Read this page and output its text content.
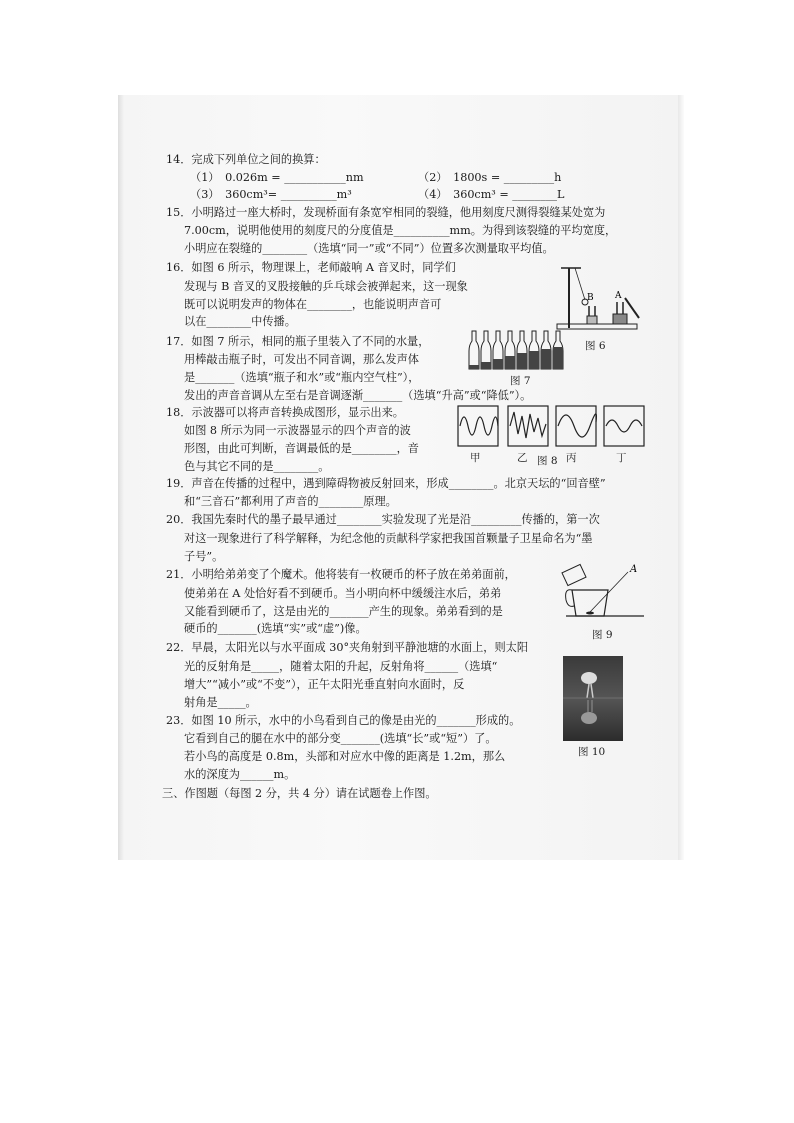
14．完成下列单位之间的换算：
（1）　0.026m = ___________nm	（2）　1800s = _________h
（3）　360cm³= __________m³	（4）　360cm³ = ________L
15．小明路过一座大桥时，发现桥面有条宽窄相同的裂缝，他用刻度尺测得裂缝某处宽为
7.00cm，说明他使用的刻度尺的分度值是__________mm。为得到该裂缝的平均宽度，
小明应在裂缝的________（选填“同一”或“不同”）位置多次测量取平均值。
16．如图 6 所示，物理课上，老师敲响 A 音叉时，同学们
发现与 B 音叉的叉股接触的乒乓球会被弹起来，这一现象
既可以说明发声的物体在________，也能说明声音可
以在________中传播。
B A
图 6
17．如图 7 所示，相同的瓶子里装入了不同的水量，
用棒敲击瓶子时，可发出不同音调，那么发声体
是_______（选填“瓶子和水”或“瓶内空气柱”），
发出的声音音调从左至右是音调逐渐_______（选填“升高”或“降低”）。
图 7
18．示波器可以将声音转换成图形，显示出来。
如图 8 所示为同一示波器显示的四个声音的波
形图，由此可判断，音调最低的是________，音
色与其它不同的是________。
甲	乙 图 8 丙	丁
19．声音在传播的过程中，遇到障碍物被反射回来，形成________。北京天坛的“回音壁”
和“三音石”都利用了声音的________原理。
20．我国先秦时代的墨子最早通过________实验发现了光是沿_________传播的，第一次
对这一现象进行了科学解释，为纪念他的贡献科学家把我国首颗量子卫星命名为“墨
子号”。
21．小明给弟弟变了个魔术。他将装有一枚硬币的杯子放在弟弟面前，
使弟弟在 A 处恰好看不到硬币。当小明向杯中缓缓注水后，弟弟
又能看到硬币了，这是由光的_______产生的现象。弟弟看到的是
硬币的_______(选填“实”或“虚”)像。
A
图 9
22．早晨，太阳光以与水平面成 30°夹角射到平静池塘的水面上，则太阳
光的反射角是_____，随着太阳的升起，反射角将______（选填“
增大”“减小”或“不变”），正午太阳光垂直射向水面时，反
射角是_____。
23．如图 10 所示，水中的小鸟看到自己的像是由光的_______形成的。
它看到自己的腿在水中的部分变_______(选填“长”或“短”）了。
若小鸟的高度是 0.8m，头部和对应水中像的距离是 1.2m，那么
水的深度为______m。
图 10
三、作图题（每图 2 分，共 4 分）请在试题卷上作图。
